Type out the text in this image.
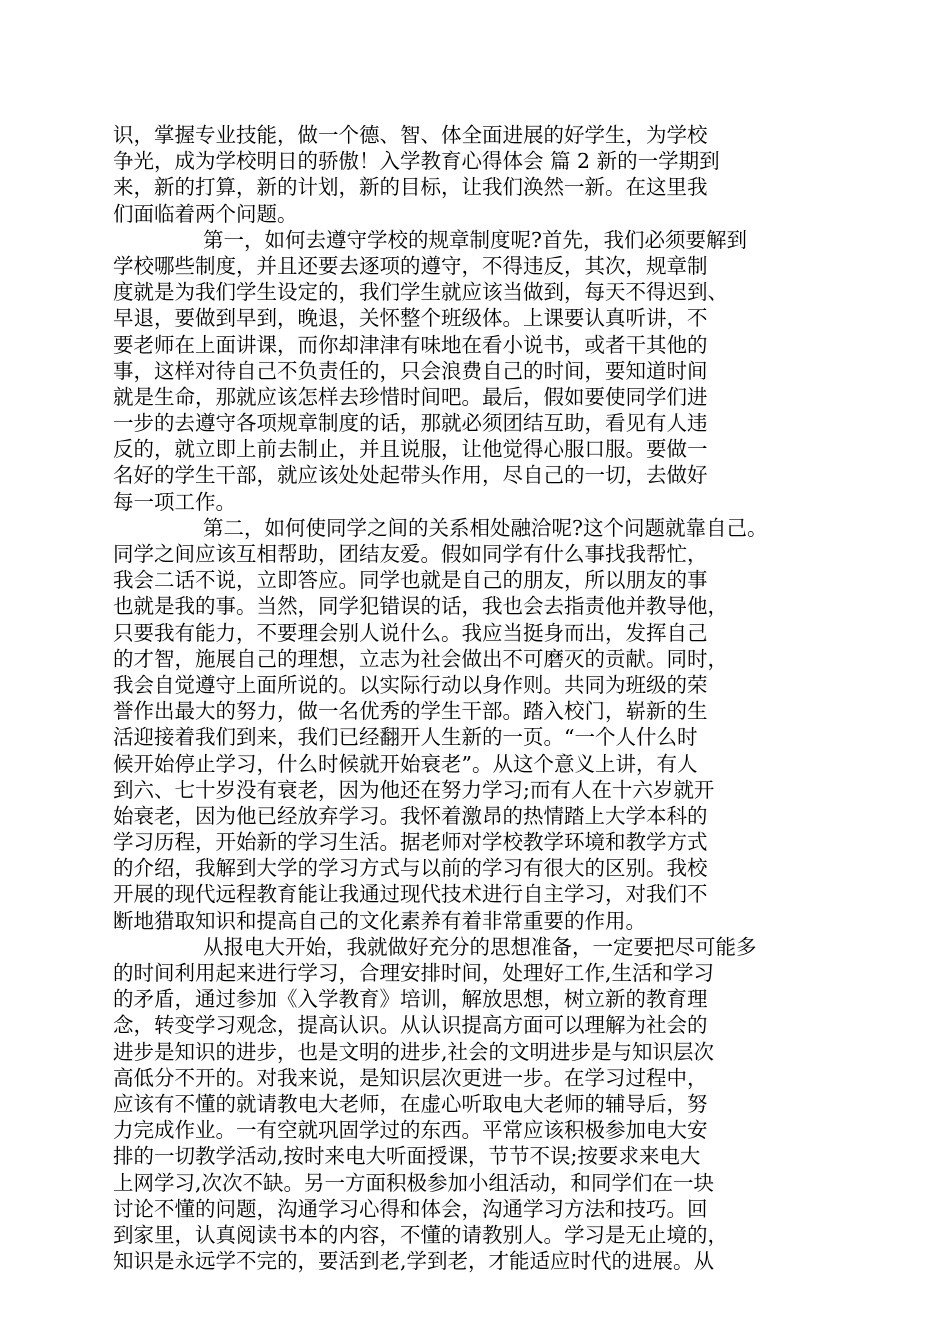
识，掌握专业技能，做一个德、智、体全面进展的好学生，为学校
争光，成为学校明日的骄傲！入学教育心得体会 篇 2 新的一学期到
来，新的打算，新的计划，新的目标，让我们涣然一新。在这里我
们面临着两个问题。
第一，如何去遵守学校的规章制度呢?首先，我们必须要解到
学校哪些制度，并且还要去逐项的遵守，不得违反，其次，规章制
度就是为我们学生设定的，我们学生就应该当做到，每天不得迟到、
早退，要做到早到，晚退，关怀整个班级体。上课要认真听讲，不
要老师在上面讲课，而你却津津有味地在看小说书，或者干其他的
事，这样对待自己不负责任的，只会浪费自己的时间，要知道时间
就是生命，那就应该怎样去珍惜时间吧。最后，假如要使同学们进
一步的去遵守各项规章制度的话，那就必须团结互助，看见有人违
反的，就立即上前去制止，并且说服，让他觉得心服口服。要做一
名好的学生干部，就应该处处起带头作用，尽自己的一切，去做好
每一项工作。
第二，如何使同学之间的关系相处融洽呢?这个问题就靠自己。
同学之间应该互相帮助，团结友爱。假如同学有什么事找我帮忙，
我会二话不说，立即答应。同学也就是自己的朋友，所以朋友的事
也就是我的事。当然，同学犯错误的话，我也会去指责他并教导他，
只要我有能力，不要理会别人说什么。我应当挺身而出，发挥自己
的才智，施展自己的理想，立志为社会做出不可磨灭的贡献。同时，
我会自觉遵守上面所说的。以实际行动以身作则。共同为班级的荣
誉作出最大的努力，做一名优秀的学生干部。踏入校门，崭新的生
活迎接着我们到来，我们已经翻开人生新的一页。“一个人什么时
候开始停止学习，什么时候就开始衰老”。从这个意义上讲，有人
到六、七十岁没有衰老，因为他还在努力学习;而有人在十六岁就开
始衰老，因为他已经放弃学习。我怀着激昂的热情踏上大学本科的
学习历程，开始新的学习生活。据老师对学校教学环境和教学方式
的介绍，我解到大学的学习方式与以前的学习有很大的区别。我校
开展的现代远程教育能让我通过现代技术进行自主学习，对我们不
断地猎取知识和提高自己的文化素养有着非常重要的作用。
从报电大开始，我就做好充分的思想准备，一定要把尽可能多
的时间利用起来进行学习，合理安排时间，处理好工作,生活和学习
的矛盾，通过参加《入学教育》培训，解放思想，树立新的教育理
念，转变学习观念，提高认识。从认识提高方面可以理解为社会的
进步是知识的进步，也是文明的进步,社会的文明进步是与知识层次
高低分不开的。对我来说，是知识层次更进一步。在学习过程中，
应该有不懂的就请教电大老师，在虚心听取电大老师的辅导后，努
力完成作业。一有空就巩固学过的东西。平常应该积极参加电大安
排的一切教学活动,按时来电大听面授课，节节不误;按要求来电大
上网学习,次次不缺。另一方面积极参加小组活动，和同学们在一块
讨论不懂的问题，沟通学习心得和体会，沟通学习方法和技巧。回
到家里，认真阅读书本的内容，不懂的请教别人。学习是无止境的，
知识是永远学不完的，要活到老,学到老，才能适应时代的进展。从
